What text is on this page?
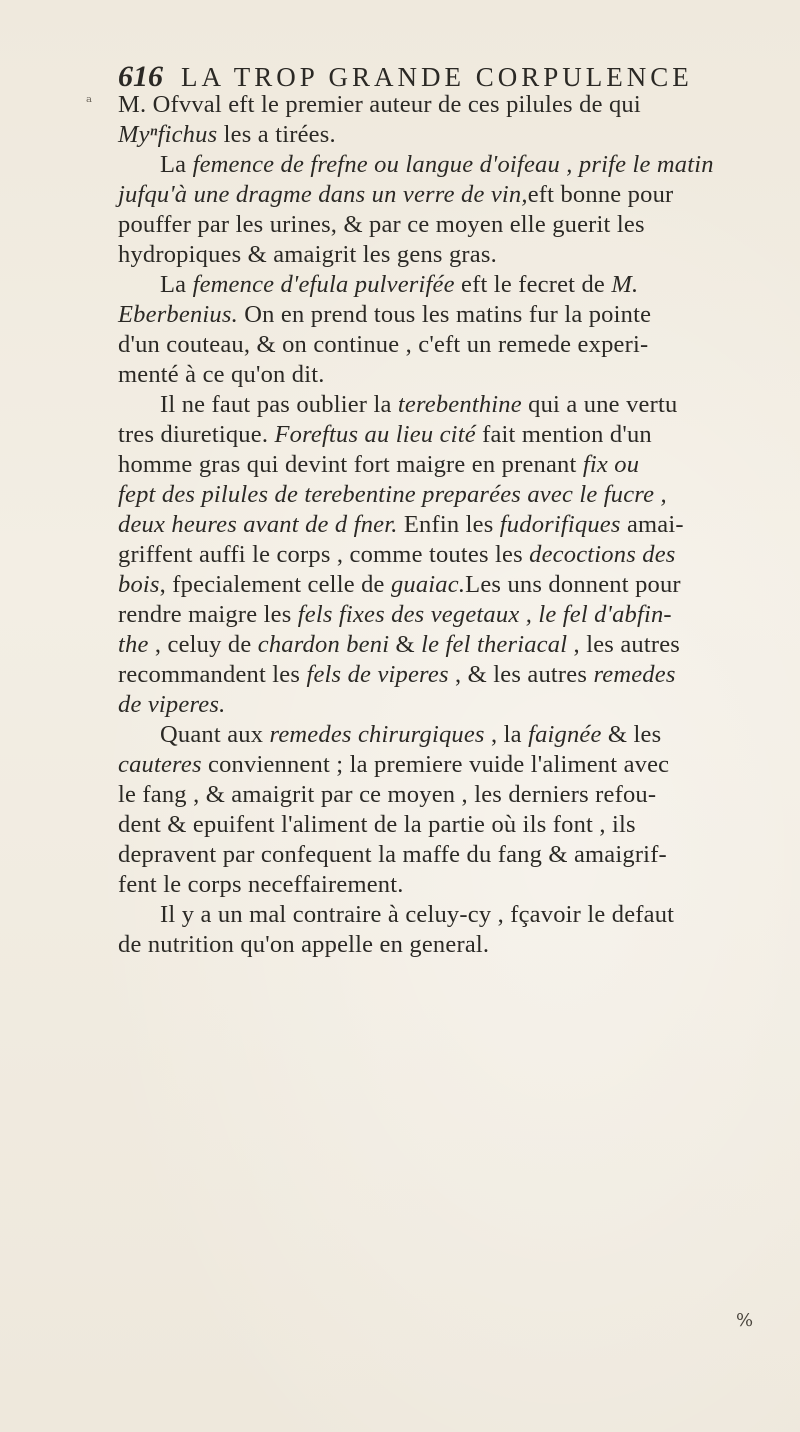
616 LA TROP GRANDE CORPULENCE
ᵃ M. Ofvval eft le premier auteur de ces pilules de qui
Myⁿfichus les a tirées.
La femence de frefne ou langue d'oifeau , prife le matin
jufqu'à une dragme dans un verre de vin,eft bonne pour
pouffer par les urines, & par ce moyen elle guerit les
hydropiques & amaigrit les gens gras.
La femence d'efula pulverifée eft le fecret de M.
Eberbenius. On en prend tous les matins fur la pointe
d'un couteau, & on continue , c'eft un remede experi-
menté à ce qu'on dit.
Il ne faut pas oublier la terebenthine qui a une vertu
tres diuretique. Foreftus au lieu cité fait mention d'un
homme gras qui devint fort maigre en prenant fix ou
fept des pilules de terebentine preparées avec le fucre ,
deux heures avant de d fner. Enfin les fudorifiques amai-
griffent auffi le corps , comme toutes les decoctions des
bois, fpecialement celle de guaiac.Les uns donnent pour
rendre maigre les fels fixes des vegetaux , le fel d'abfin-
the , celuy de chardon beni & le fel theriacal , les autres
recommandent les fels de viperes , & les autres remedes
de viperes.
Quant aux remedes chirurgiques , la faignée & les
cauteres conviennent ; la premiere vuide l'aliment avec
le fang , & amaigrit par ce moyen , les derniers refou-
dent & epuifent l'aliment de la partie où ils font , ils
depravent par confequent la maffe du fang & amaigrif-
fent le corps neceffairement.
Il y a un mal contraire à celuy-cy , fçavoir le defaut
de nutrition qu'on appelle en general.
%
